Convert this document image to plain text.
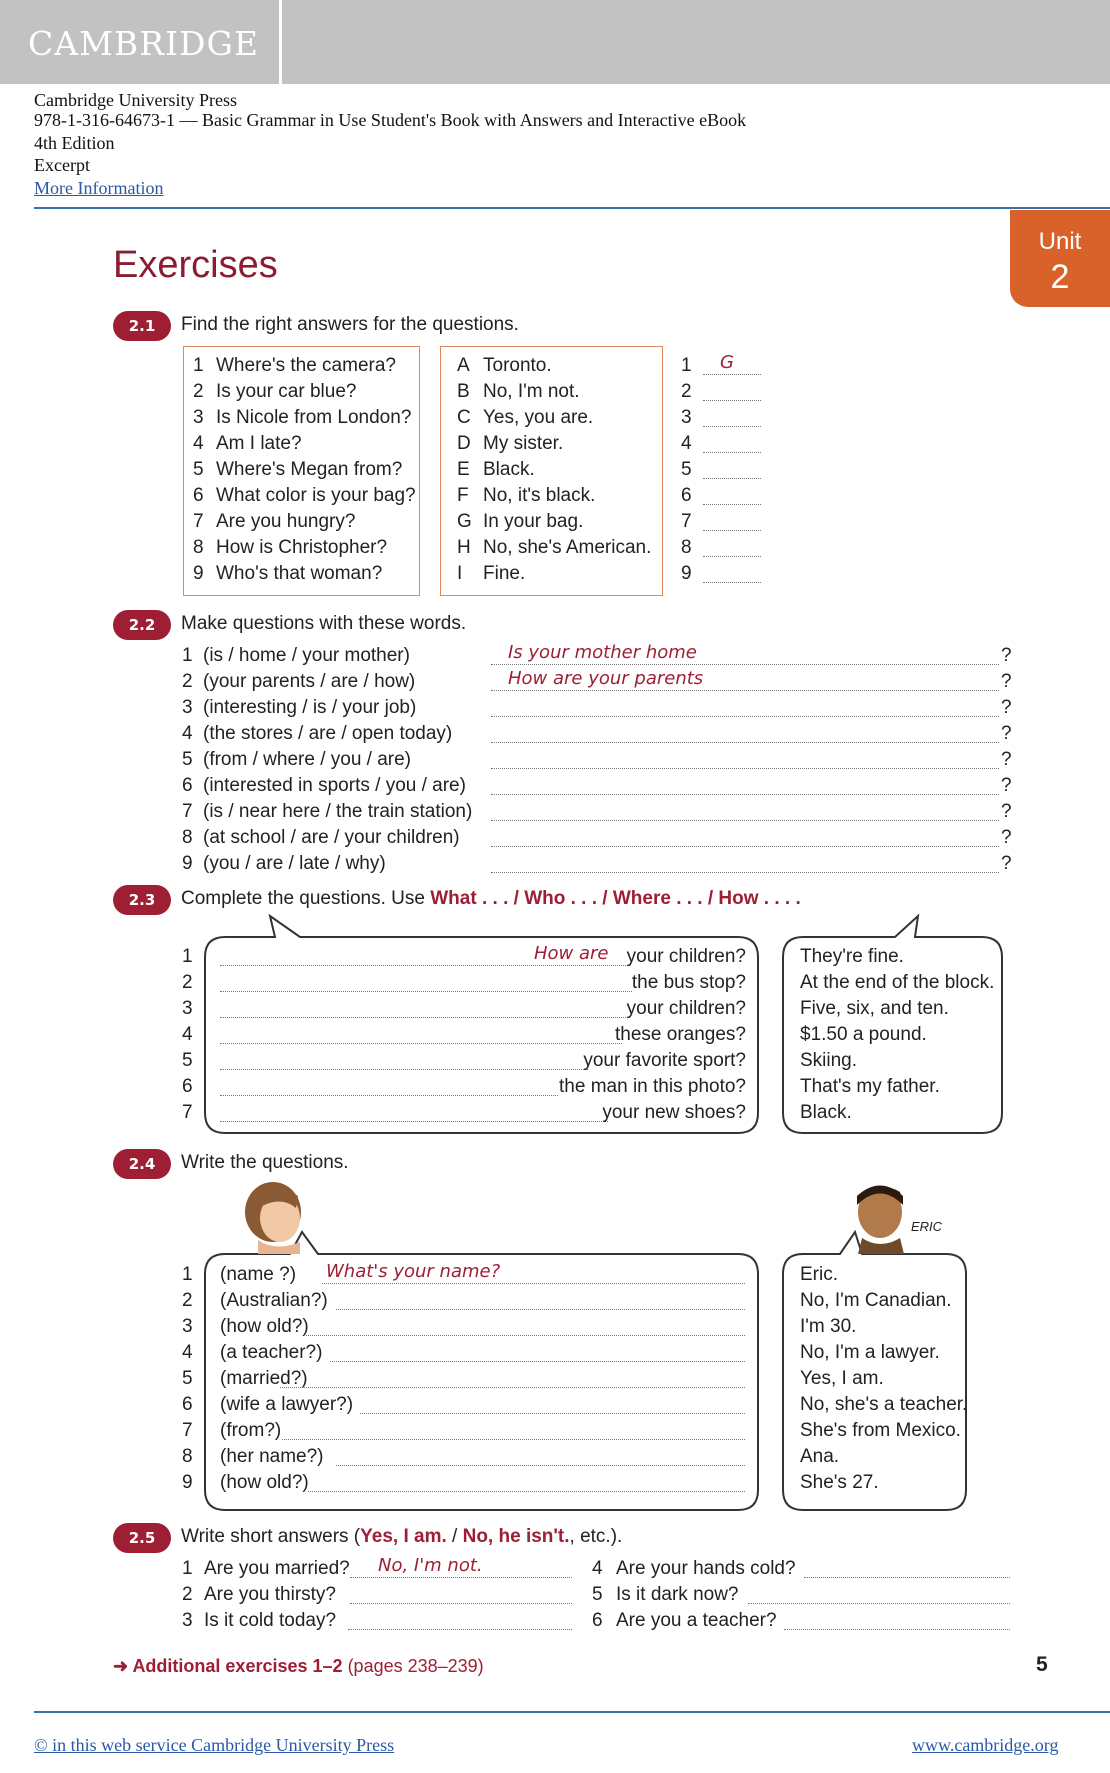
CAMBRIDGE
Cambridge University Press
978-1-316-64673-1 — Basic Grammar in Use Student's Book with Answers and Interactive eBook
4th Edition
Excerpt
More Information
Unit
2
Exercises
2.1	Find the right answers for the questions.
1 Where's the camera?	A Toronto.	1 G
2 Is your car blue?	B No, I'm not.	2
3 Is Nicole from London? C Yes, you are.	3
4 Am I late?	D My sister.	4
5 Where's Megan from?	E Black.	5
6 What color is your bag? F No, it's black.	6
7 Are you hungry?	G In your bag.	7
8 How is Christopher?	H No, she's American. 8
9 Who's that woman?	I Fine.	9
2.2	Make questions with these words.
1 (is / home / your mother)	Is your mother home	?
2 (your parents / are / how)	How are your parents	?
3 (interesting / is / your job)	?
4 (the stores / are / open today)	?
5 (from / where / you / are)	?
6 (interested in sports / you / are)	?
7 (is / near here / the train station)	?
8 (at school / are / your children)	?
9 (you / are / late / why)	?
2.3	Complete the questions. Use What . . . / Who . . . / Where . . . / How . . . .
1	How are your children?	They're fine.
2	the bus stop?	At the end of the block.
3	your children?	Five, six, and ten.
4	these oranges?	$1.50 a pound.
5	your favorite sport?	Skiing.
6	the man in this photo?	That's my father.
7	your new shoes?	Black.
2.4	Write the questions.
ERIC
1 (name ?) What's your name?	Eric.
2 (Australian?)	No, I'm Canadian.
3 (how old?)	I'm 30.
4 (a teacher?)	No, I'm a lawyer.
5 (married?)	Yes, I am.
6 (wife a lawyer?)	No, she's a teacher.
7 (from?)	She's from Mexico.
8 (her name?)	Ana.
9 (how old?)	She's 27.
2.5	Write short answers (Yes, I am. / No, he isn't., etc.).
1 Are you married? No, I'm not.	4 Are your hands cold?
2 Are you thirsty?	5 Is it dark now?
3 Is it cold today?	6 Are you a teacher?
➜ Additional exercises 1–2 (pages 238–239)	5
© in this web service Cambridge University Press	www.cambridge.org
